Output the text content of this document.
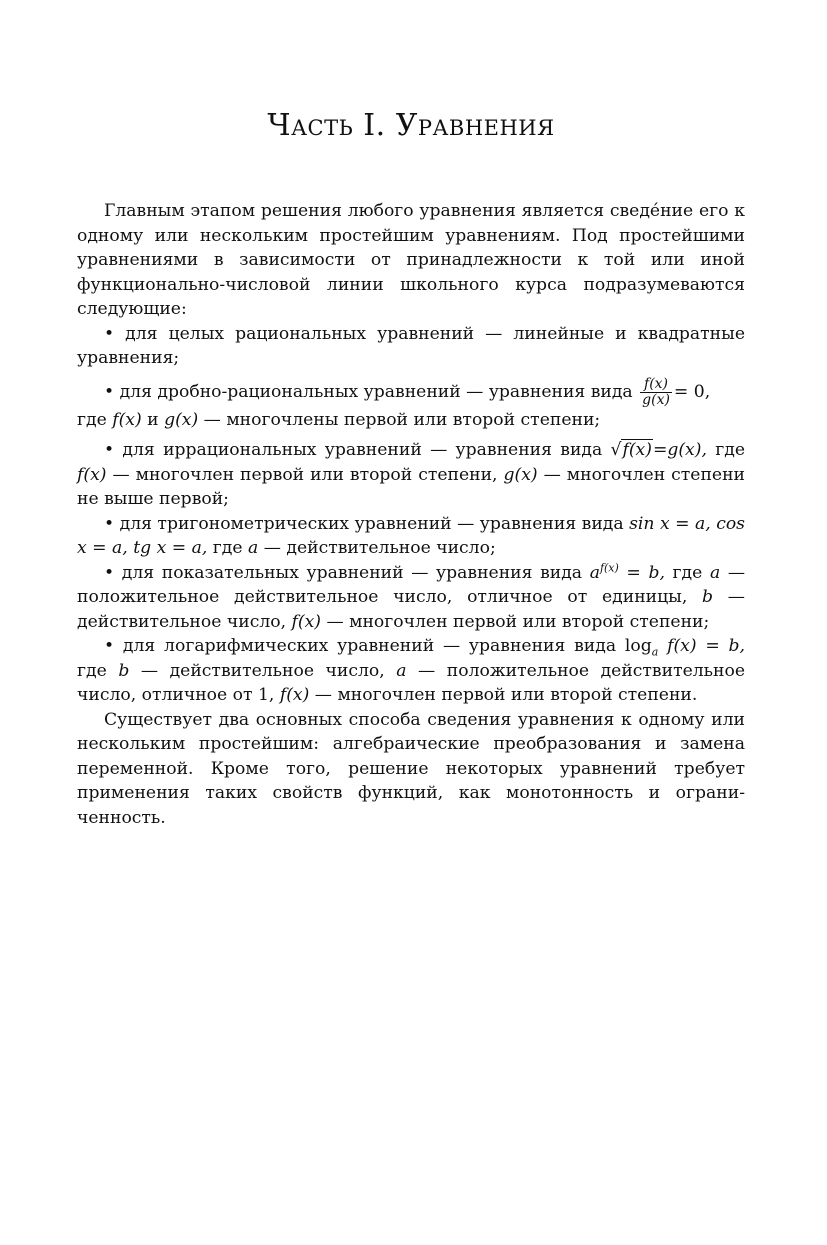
Часть I. Уравнения

Главным этапом решения любого уравнения является сведе́ние его к одному или нескольким простейшим уравнениям. Под простейшими уравнениями в зависимости от принадлежности к той или иной функционально-числовой линии школьного курса подразумеваются следующие:

• для целых рациональных уравнений — линейные и квадратные уравнения;

• для дробно-рациональных уравнений — уравнения вида $\frac{f(x)}{g(x)} = 0$,
где f(x) и g(x) — многочлены первой или второй степени;

• для иррациональных уравнений — уравнения вида √f(x)=g(x), где f(x) — многочлен первой или второй степени, g(x) — многочлен степени не выше первой;

• для тригонометрических уравнений — уравнения вида sin x = a, cos x = a, tg x = a, где a — действительное число;

• для показательных уравнений — уравнения вида $a^{f(x)} = b$, где a — положительное действительное число, отличное от единицы, b — действительное число, f(x) — многочлен первой или второй степени;

• для логарифмических уравнений — уравнения вида $\log_a f(x) = b$, где b — действительное число, a — положительное действительное число, отличное от 1, f(x) — многочлен первой или второй степени.

Существует два основных способа сведения уравнения к одному или нескольким простейшим: алгебраические преобразования и замена переменной. Кроме того, решение некоторых уравнений требует применения таких свойств функций, как монотонность и ограниченность.
